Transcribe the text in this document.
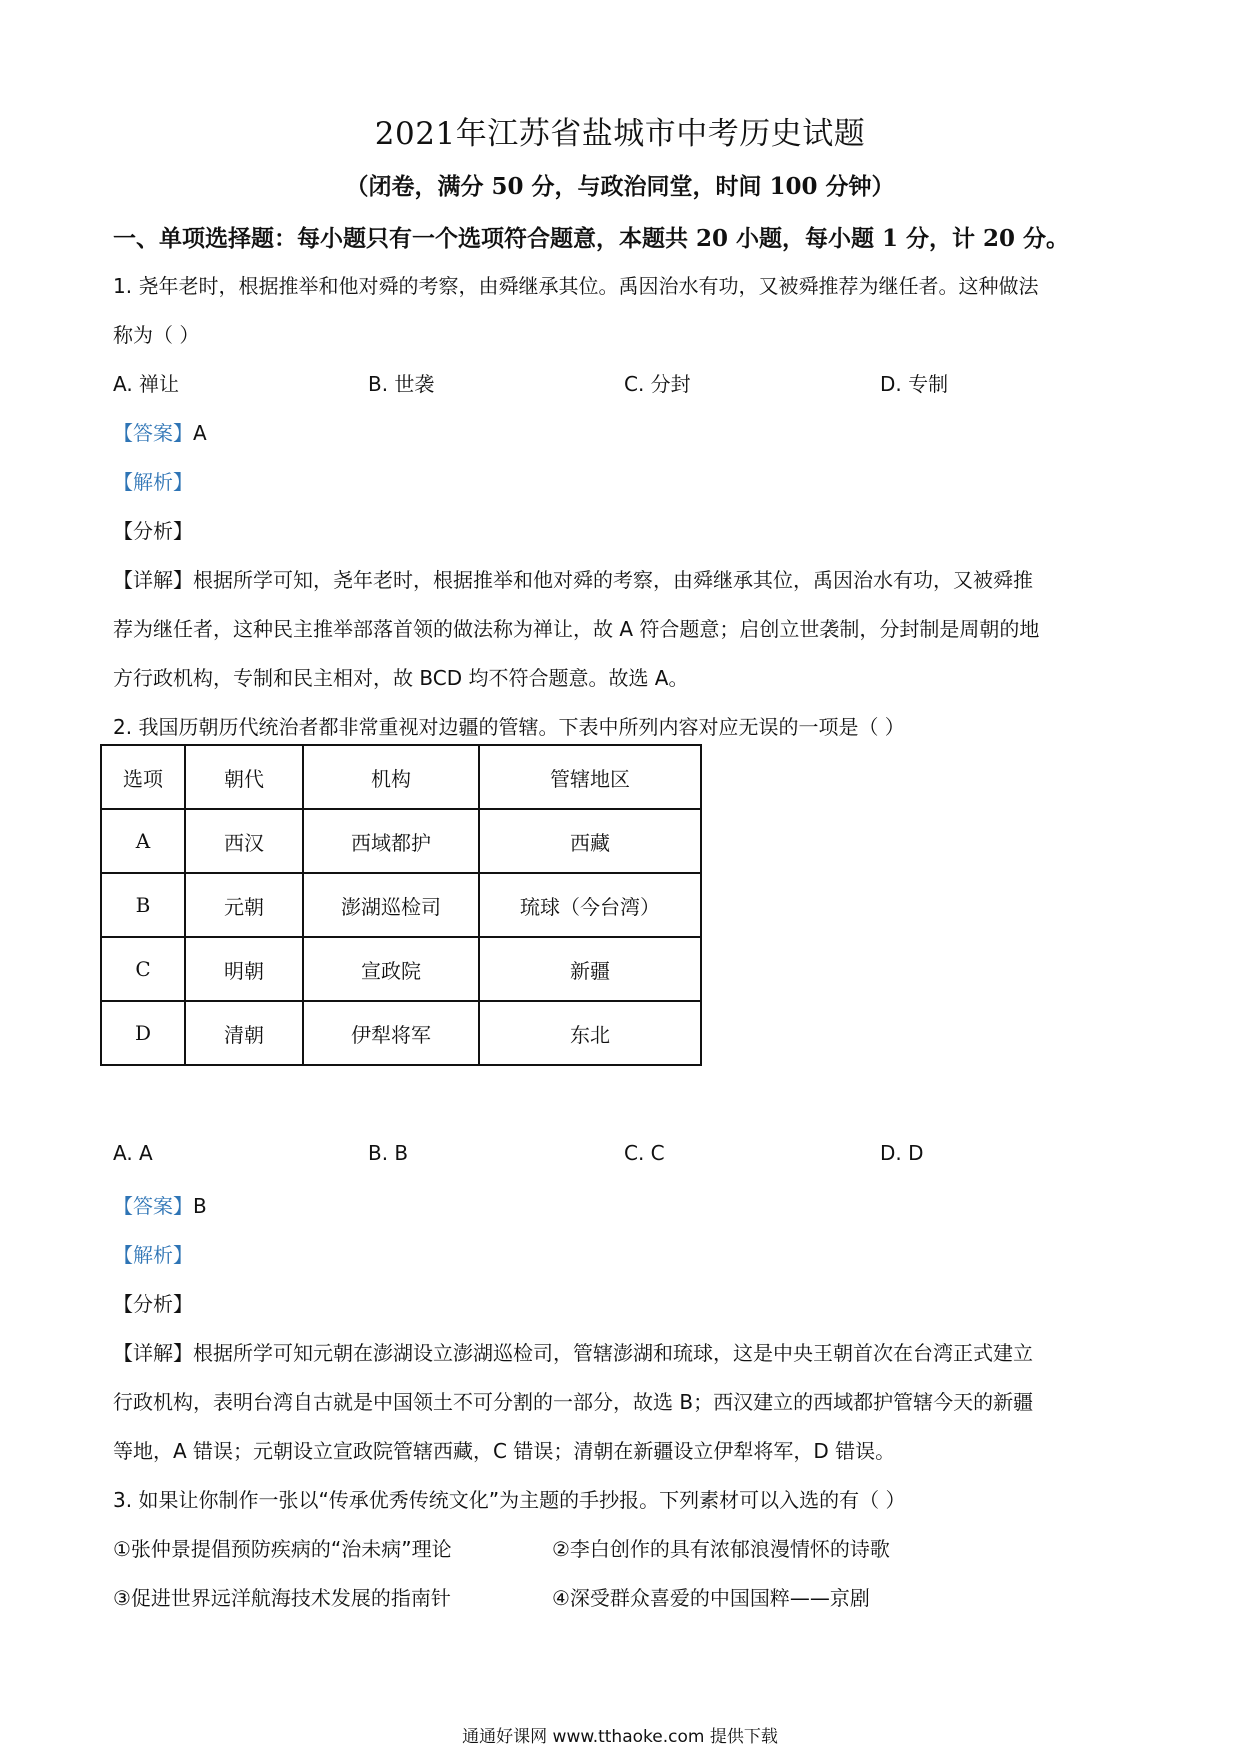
2021年江苏省盐城市中考历史试题
（闭卷，满分 50 分，与政治同堂，时间 100 分钟）
一、单项选择题：每小题只有一个选项符合题意，本题共 20 小题，每小题 1 分，计 20 分。
1. 尧年老时，根据推举和他对舜的考察，由舜继承其位。禹因治水有功，又被舜推荐为继任者。这种做法
称为（ ）
A. 禅让	B. 世袭	C. 分封	D. 专制
【答案】A
【解析】
【分析】
【详解】根据所学可知，尧年老时，根据推举和他对舜的考察，由舜继承其位，禹因治水有功，又被舜推
荐为继任者，这种民主推举部落首领的做法称为禅让，故 A 符合题意；启创立世袭制，分封制是周朝的地
方行政机构，专制和民主相对，故 BCD 均不符合题意。故选 A。
2. 我国历朝历代统治者都非常重视对边疆的管辖。下表中所列内容对应无误的一项是（ ）
选项	朝代	机构	管辖地区
A	西汉	西域都护	西藏
B	元朝	澎湖巡检司	琉球（今台湾）
C	明朝	宣政院	新疆
D	清朝	伊犁将军	东北
A. A	B. B	C. C	D. D
【答案】B
【解析】
【分析】
【详解】根据所学可知元朝在澎湖设立澎湖巡检司，管辖澎湖和琉球，这是中央王朝首次在台湾正式建立
行政机构，表明台湾自古就是中国领土不可分割的一部分，故选 B；西汉建立的西域都护管辖今天的新疆
等地，A 错误；元朝设立宣政院管辖西藏，C 错误；清朝在新疆设立伊犁将军，D 错误。
3. 如果让你制作一张以“传承优秀传统文化”为主题的手抄报。下列素材可以入选的有（ ）
①张仲景提倡预防疾病的“治未病”理论	②李白创作的具有浓郁浪漫情怀的诗歌
③促进世界远洋航海技术发展的指南针	④深受群众喜爱的中国国粹——京剧
通通好课网 www.tthaoke.com 提供下载
